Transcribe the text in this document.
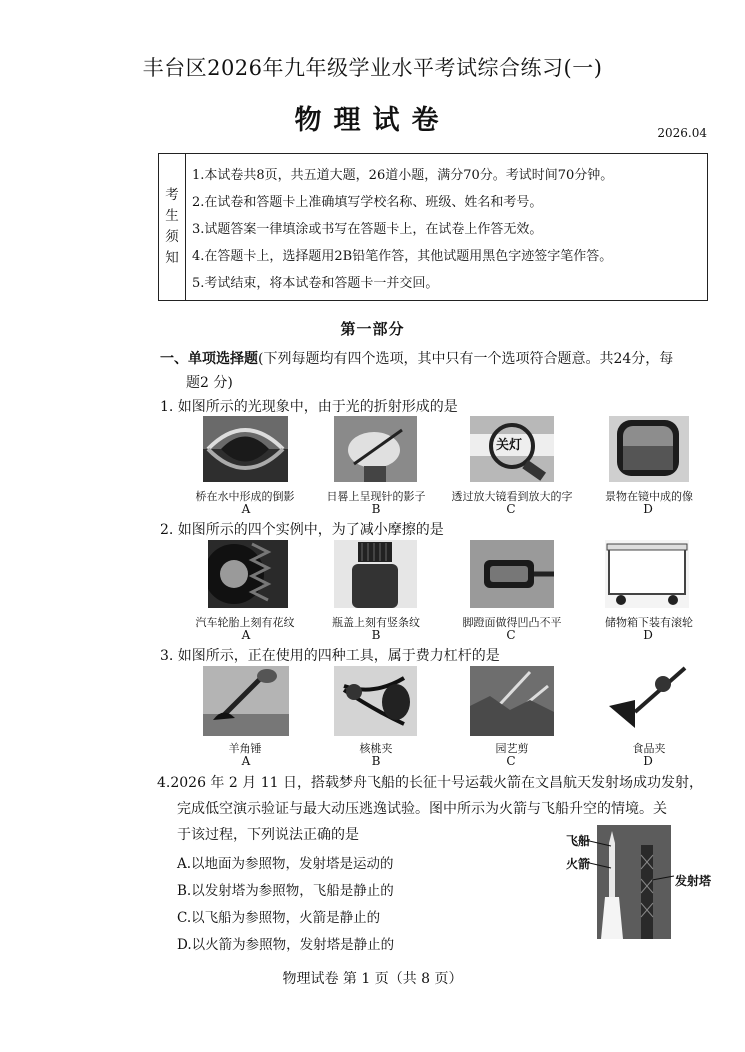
丰台区2026年九年级学业水平考试综合练习(一)
物理试卷	2026.04
考
生
须
知
1.本试卷共8页，共五道大题，26道小题，满分70分。考试时间70分钟。
2.在试卷和答题卡上准确填写学校名称、班级、姓名和考号。
3.试题答案一律填涂或书写在答题卡上，在试卷上作答无效。
4.在答题卡上，选择题用2B铅笔作答，其他试题用黑色字迹签字笔作答。
5.考试结束，将本试卷和答题卡一并交回。
第一部分
一、单项选择题(下列每题均有四个选项，其中只有一个选项符合题意。共24分，每
题2 分)
1. 如图所示的光现象中，由于光的折射形成的是
关灯
桥在水中形成的倒影
A
日晷上呈现针的影子
B
透过放大镜看到放大的字
C
景物在镜中成的像
D
2. 如图所示的四个实例中，为了减小摩擦的是
汽车轮胎上刻有花纹
A
瓶盖上刻有竖条纹
B
脚蹬面做得凹凸不平
C
储物箱下装有滚轮
D
3. 如图所示，正在使用的四种工具，属于费力杠杆的是
羊角锤
A
核桃夹
B
园艺剪
C
食品夹
D
4.2026 年 2 月 11 日，搭载梦舟飞船的长征十号运载火箭在文昌航天发射场成功发射，
完成低空演示验证与最大动压逃逸试验。图中所示为火箭与飞船升空的情境。关
于该过程，下列说法正确的是
A.以地面为参照物，发射塔是运动的
B.以发射塔为参照物，飞船是静止的
C.以飞船为参照物，火箭是静止的
D.以火箭为参照物，发射塔是静止的
飞船
火箭
发射塔
物理试卷 第 1 页（共 8 页）
